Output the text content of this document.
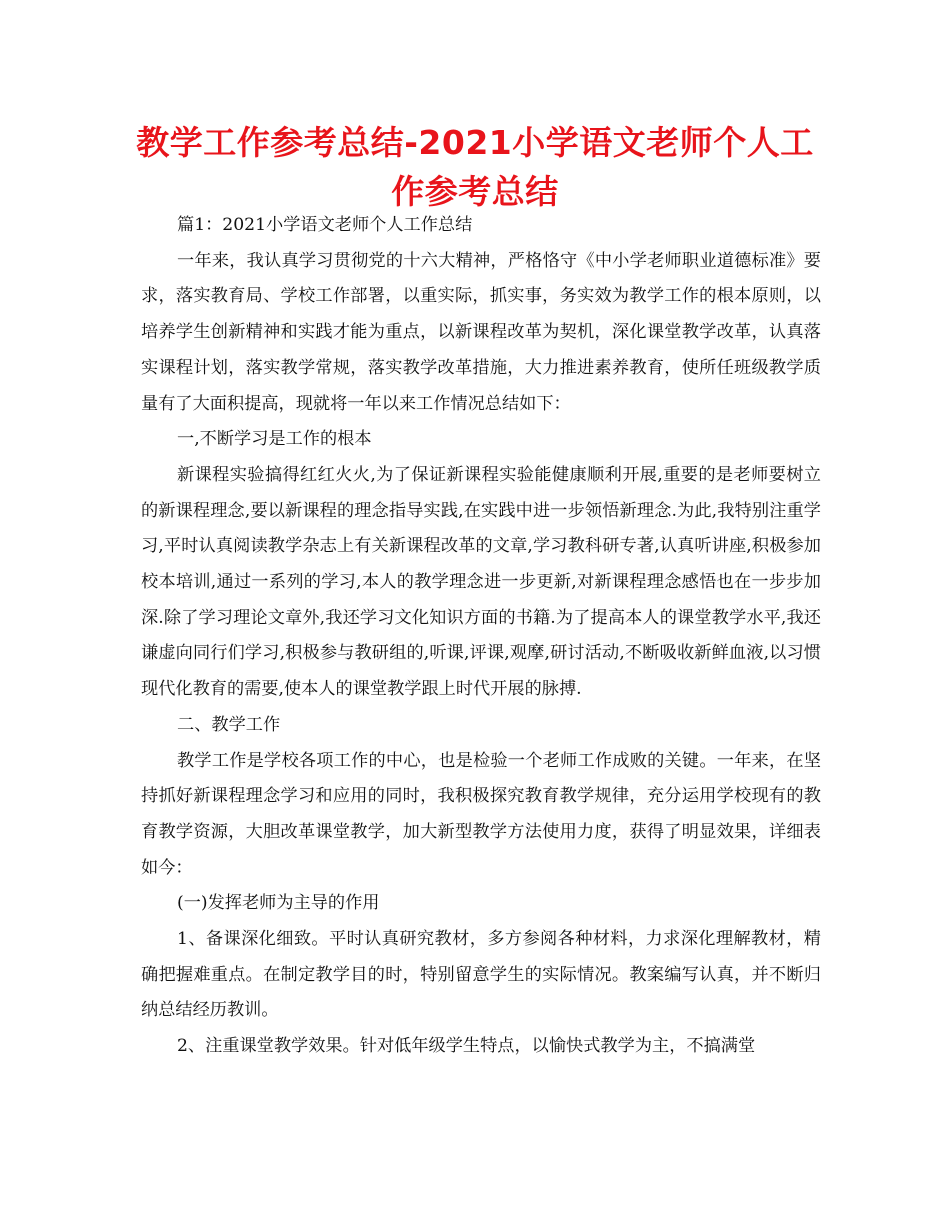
教学工作参考总结-2021小学语文老师个人工作参考总结

篇1：2021小学语文老师个人工作总结

一年来，我认真学习贯彻党的十六大精神，严格恪守《中小学老师职业道德标准》要求，落实教育局、学校工作部署，以重实际，抓实事，务实效为教学工作的根本原则，以培养学生创新精神和实践才能为重点，以新课程改革为契机，深化课堂教学改革，认真落实课程计划，落实教学常规，落实教学改革措施，大力推进素养教育，使所任班级教学质量有了大面积提高，现就将一年以来工作情况总结如下：

一,不断学习是工作的根本

新课程实验搞得红红火火,为了保证新课程实验能健康顺利开展,重要的是老师要树立的新课程理念,要以新课程的理念指导实践,在实践中进一步领悟新理念.为此,我特别注重学习,平时认真阅读教学杂志上有关新课程改革的文章,学习教科研专著,认真听讲座,积极参加校本培训,通过一系列的学习,本人的教学理念进一步更新,对新课程理念感悟也在一步步加深.除了学习理论文章外,我还学习文化知识方面的书籍.为了提高本人的课堂教学水平,我还谦虚向同行们学习,积极参与教研组的,听课,评课,观摩,研讨活动,不断吸收新鲜血液,以习惯现代化教育的需要,使本人的课堂教学跟上时代开展的脉搏.

二、教学工作

教学工作是学校各项工作的中心，也是检验一个老师工作成败的关键。一年来，在坚持抓好新课程理念学习和应用的同时，我积极探究教育教学规律，充分运用学校现有的教育教学资源，大胆改革课堂教学，加大新型教学方法使用力度，获得了明显效果，详细表如今：

(一)发挥老师为主导的作用

1、备课深化细致。平时认真研究教材，多方参阅各种材料，力求深化理解教材，精确把握难重点。在制定教学目的时，特别留意学生的实际情况。教案编写认真，并不断归纳总结经历教训。

2、注重课堂教学效果。针对低年级学生特点，以愉快式教学为主，不搞满堂
